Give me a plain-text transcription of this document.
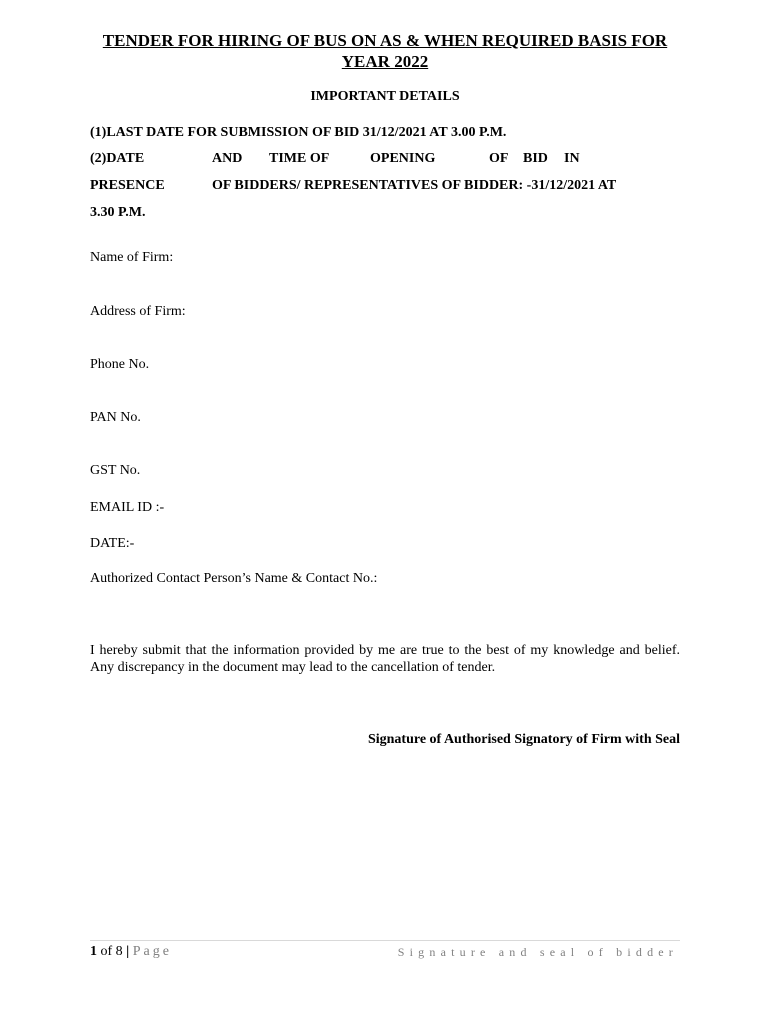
TENDER FOR HIRING OF BUS ON AS & WHEN REQUIRED BASIS FOR
YEAR 2022
IMPORTANT DETAILS
(1)LAST DATE FOR SUBMISSION OF BID 31/12/2021 AT 3.00 P.M.
(2)DATE	AND TIME OF	OPENING	OF BID IN
PRESENCE	OF BIDDERS/ REPRESENTATIVES OF BIDDER: -31/12/2021 AT
3.30 P.M.
Name of Firm:
Address of Firm:
Phone No.
PAN No.
GST No.
EMAIL ID :-
DATE:-
Authorized Contact Person’s Name & Contact No.:
I hereby submit that the information provided by me are true to the best of my knowledge and belief. Any discrepancy in the document may lead to the cancellation of tender.
Signature of Authorised Signatory of Firm with Seal
1 of 8 | Page	Signature and seal of bidder
